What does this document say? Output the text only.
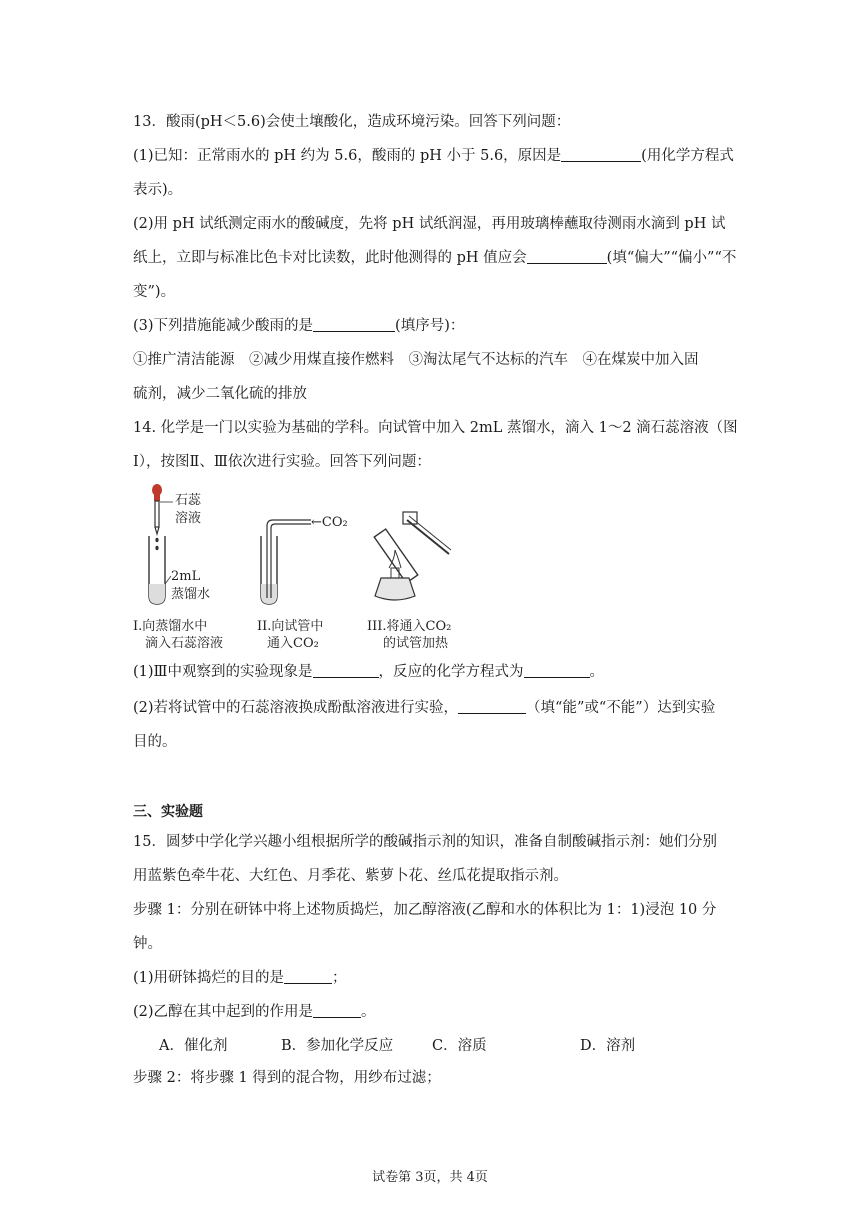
13．酸雨(pH＜5.6)会使土壤酸化，造成环境污染。回答下列问题：
(1)已知：正常雨水的 pH 约为 5.6，酸雨的 pH 小于 5.6，原因是	(用化学方程式
表示)。
(2)用 pH 试纸测定雨水的酸碱度，先将 pH 试纸润湿，再用玻璃棒蘸取待测雨水滴到 pH 试
纸上，立即与标准比色卡对比读数，此时他测得的 pH 值应会	(填“偏大”“偏小”“不
变”)。
(3)下列措施能减少酸雨的是	(填序号)：
①推广清洁能源　②减少用煤直接作燃料　③淘汰尾气不达标的汽车　④在煤炭中加入固
硫剂，减少二氧化硫的排放
14. 化学是一门以实验为基础的学科。向试管中加入 2mL 蒸馏水，滴入 1～2 滴石蕊溶液（图
Ⅰ），按图Ⅱ、Ⅲ依次进行实验。回答下列问题：
石蕊
溶液
2mL
蒸馏水
Ⅰ.向蒸馏水中
滴入石蕊溶液
←CO₂
II.向试管中
通入CO₂
III.将通入CO₂
的试管加热
(1)Ⅲ中观察到的实验现象是	，反应的化学方程式为	。
(2)若将试管中的石蕊溶液换成酚酞溶液进行实验，	（填“能”或“不能”）达到实验
目的。
三、实验题
15．圆梦中学化学兴趣小组根据所学的酸碱指示剂的知识，准备自制酸碱指示剂：她们分别
用蓝紫色牵牛花、大红色、月季花、紫萝卜花、丝瓜花提取指示剂。
步骤 1：分别在研钵中将上述物质捣烂，加乙醇溶液(乙醇和水的体积比为 1：1)浸泡 10 分
钟。
(1)用研钵捣烂的目的是	；
(2)乙醇在其中起到的作用是	。
A．催化剂	B．参加化学反应	C．溶质	D．溶剂
步骤 2：将步骤 1 得到的混合物，用纱布过滤；
试卷第 3页，共 4页
